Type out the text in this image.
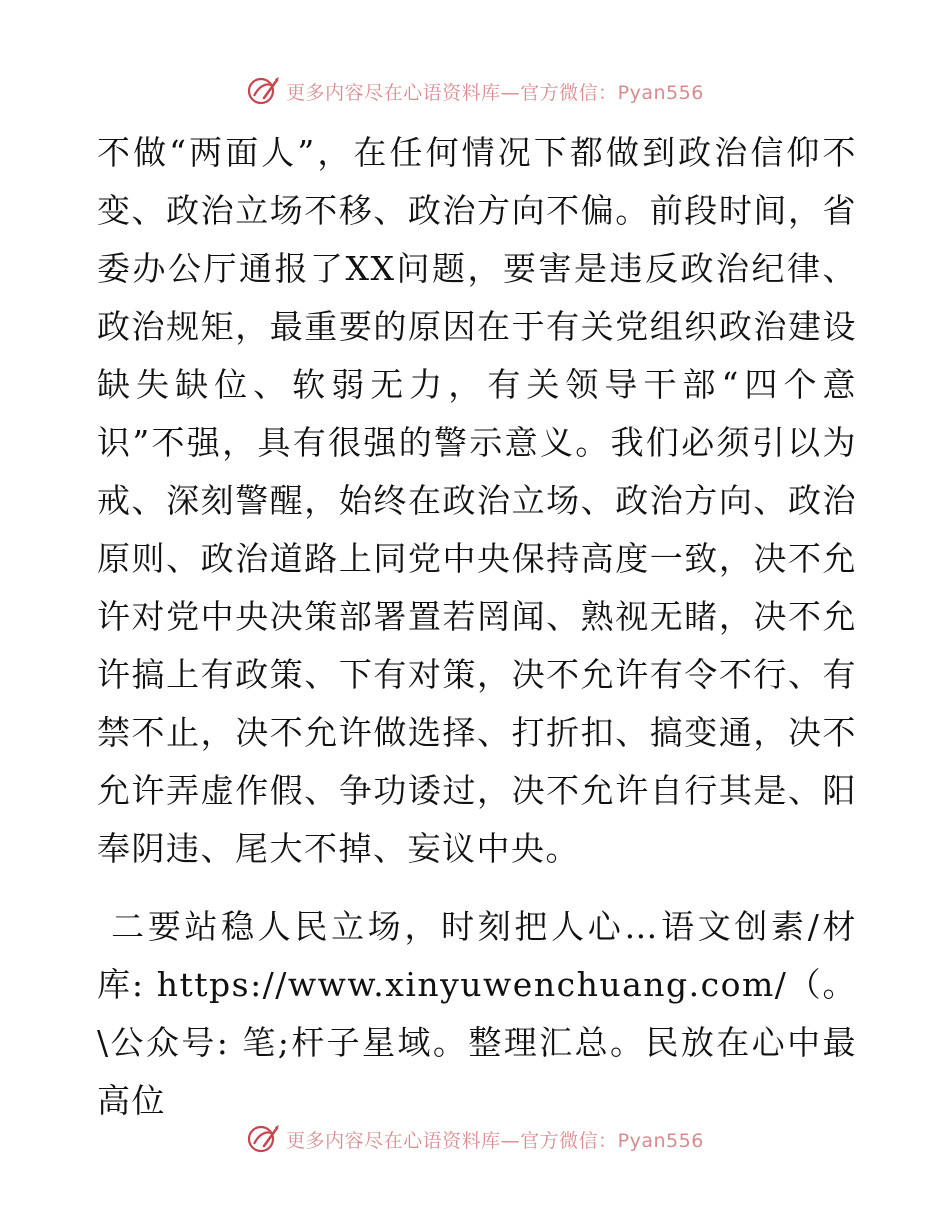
更多内容尽在心语资料库—官方微信：Pyan556

不做“两面人”，在任何情况下都做到政治信仰不变、政治立场不移、政治方向不偏。前段时间，省委办公厅通报了XX问题，要害是违反政治纪律、政治规矩，最重要的原因在于有关党组织政治建设缺失缺位、软弱无力，有关领导干部“四个意识”不强，具有很强的警示意义。我们必须引以为戒、深刻警醒，始终在政治立场、政治方向、政治原则、政治道路上同党中央保持高度一致，决不允许对党中央决策部署置若罔闻、熟视无睹，决不允许搞上有政策、下有对策，决不允许有令不行、有禁不止，决不允许做选择、打折扣、搞变通，决不允许弄虚作假、争功诿过，决不允许自行其是、阳奉阴违、尾大不掉、妄议中央。

二要站稳人民立场，时刻把人心…语文创素/材库: https://www.xinyuwenchuang.com/（。\公众号: 笔;杆子星域。整理汇总。民放在心中最高位

更多内容尽在心语资料库—官方微信：Pyan556
